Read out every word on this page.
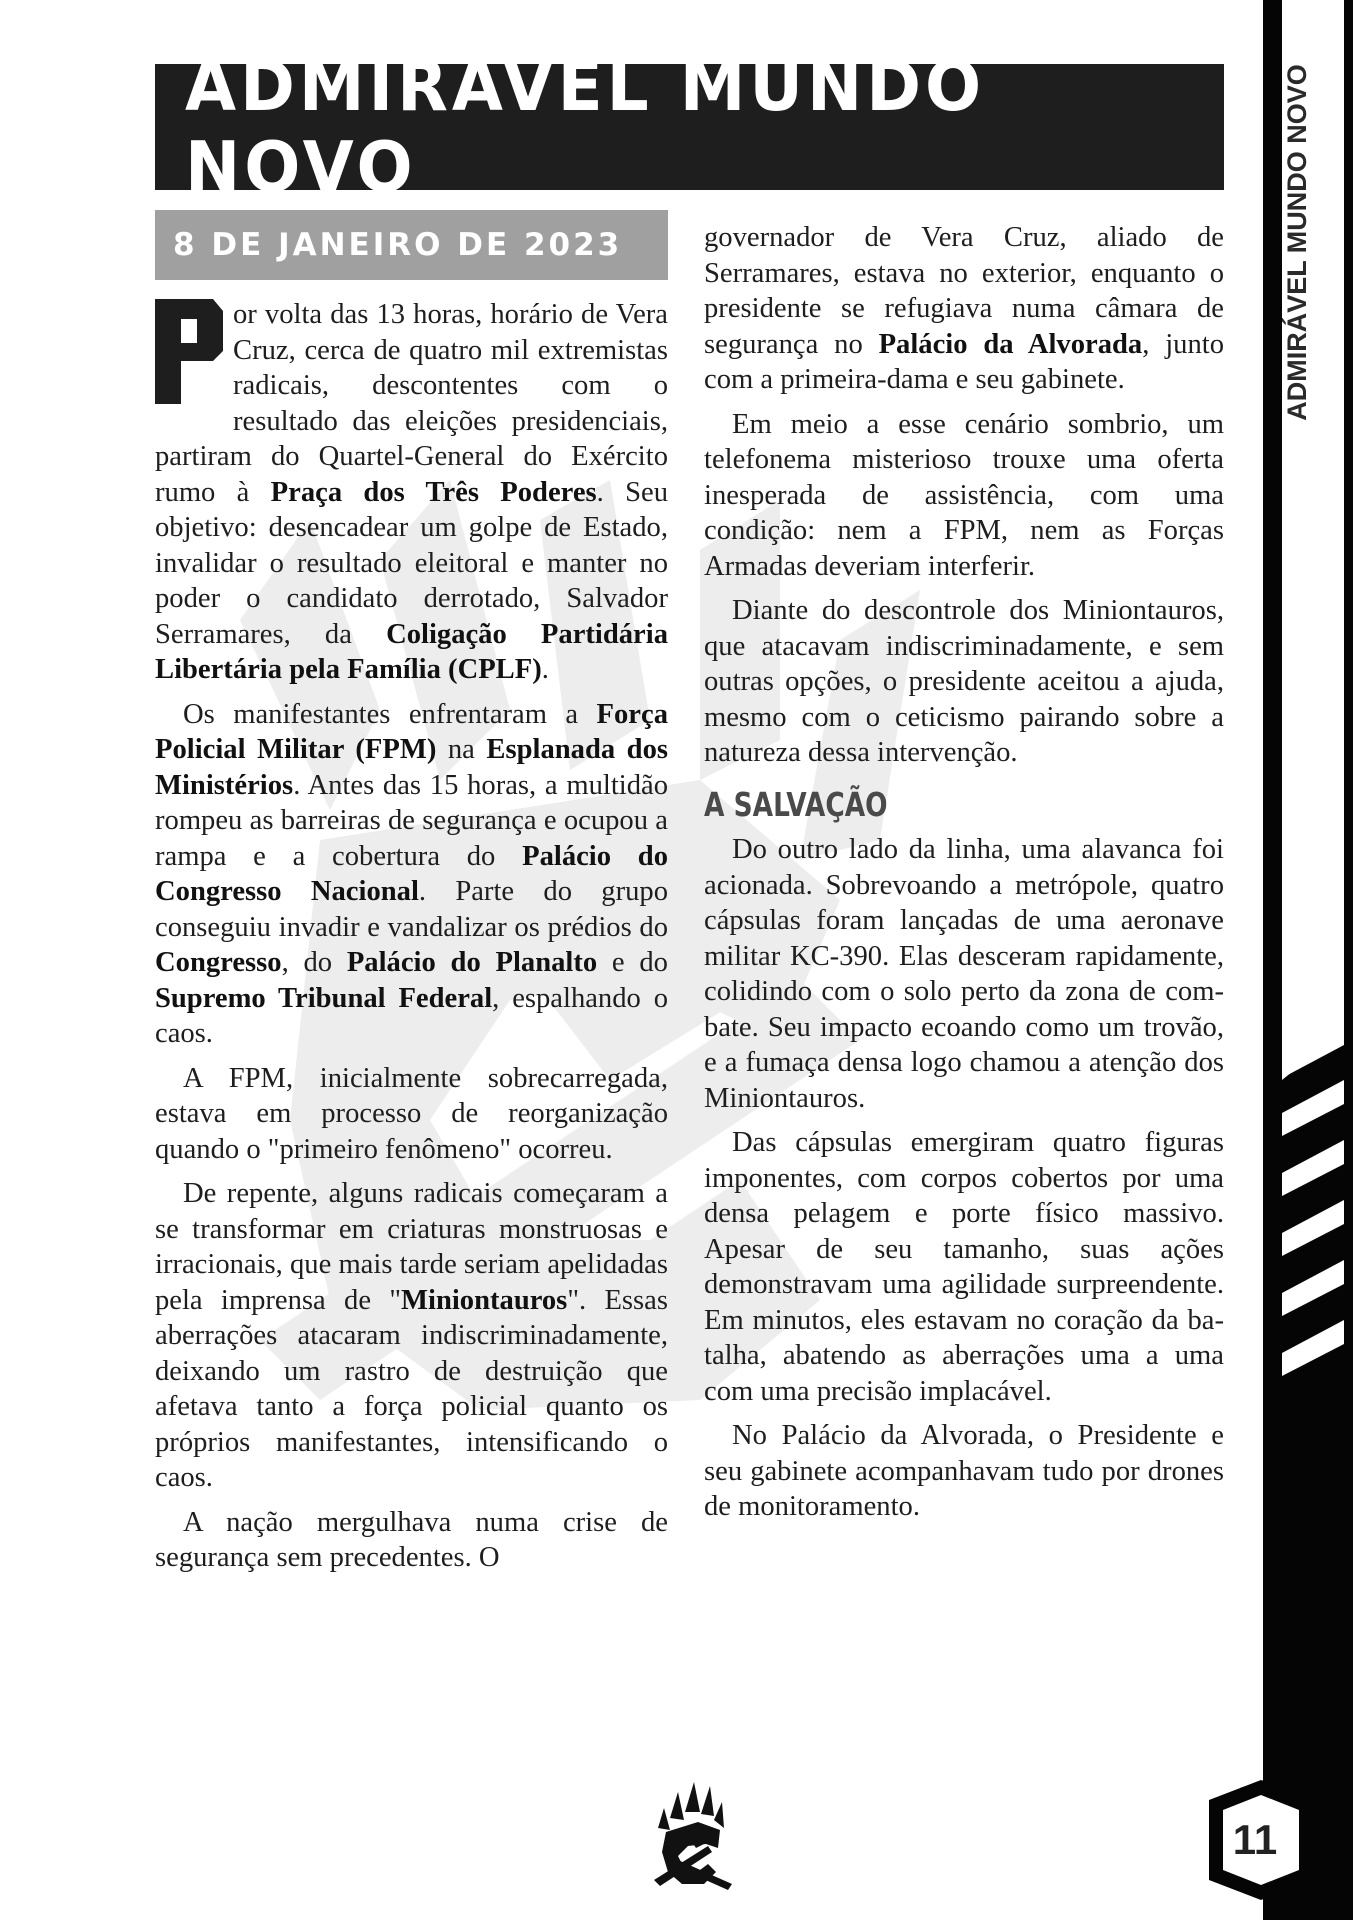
ADMIRÁVEL MUNDO NOVO
8 DE JANEIRO DE 2023

or volta das 13 horas, horário de Vera Cruz, cerca de quatro mil extremistas radicais, descontentes com o resultado das eleições presidenciais, partiram do Quartel-General do Exército rumo à Praça dos Três Poderes. Seu objetivo: desencadear um golpe de Estado, invalidar o resultado eleitoral e manter no poder o candidato derrotado, Salvador Serramares, da Coligação Partidária Libertária pela Família (CPLF).

Os manifestantes enfrentaram a Força Policial Militar (FPM) na Esplanada dos Ministérios. Antes das 15 horas, a multidão rompeu as barreiras de segurança e ocupou a rampa e a cobertura do Palácio do Congresso Nacional. Parte do grupo conseguiu invadir e vandalizar os prédios do Congresso, do Palácio do Planalto e do Supremo Tribunal Federal, espalhando o caos.

A FPM, inicialmente sobrecarregada, estava em processo de reorganização quando o "primeiro fenômeno" ocorreu.

De repente, alguns radicais começaram a se transformar em criaturas monstruosas e irracionais, que mais tarde seriam apelidadas pela imprensa de "Miniontauros". Essas aberrações atacaram indiscriminadamente, deixando um rastro de destruição que afetava tanto a força policial quanto os próprios manifestantes, intensificando o caos.

A nação mergulhava numa crise de segurança sem precedentes. O

governador de Vera Cruz, aliado de Serramares, estava no exterior, enquanto o presidente se refugiava numa câmara de segurança no Palácio da Alvorada, junto com a primeira-dama e seu gabinete.

Em meio a esse cenário sombrio, um telefonema misterioso trouxe uma oferta inesperada de assistência, com uma condição: nem a FPM, nem as Forças Armadas deveriam interferir.

Diante do descontrole dos Miniontauros, que atacavam indiscriminadamente, e sem outras opções, o presidente aceitou a ajuda, mesmo com o ceticismo pairando sobre a natureza dessa intervenção.

A SALVAÇÃO

Do outro lado da linha, uma alavanca foi acionada. Sobrevoando a metrópole, quatro cápsulas foram lançadas de uma aeronave militar KC-390. Elas desceram rapidamente, colidindo com o solo perto da zona de combate. Seu impacto ecoando como um trovão, e a fumaça densa logo chamou a atenção dos Miniontauros.

Das cápsulas emergiram quatro figuras imponentes, com corpos cobertos por uma densa pelagem e porte físico massivo. Apesar de seu tamanho, suas ações demonstravam uma agilidade surpreendente. Em minutos, eles estavam no coração da batalha, abatendo as aberrações uma a uma com uma precisão implacável.

No Palácio da Alvorada, o Presidente e seu gabinete acompanhavam tudo por drones de monitoramento.

11
ADMIRÁVEL MUNDO NOVO
